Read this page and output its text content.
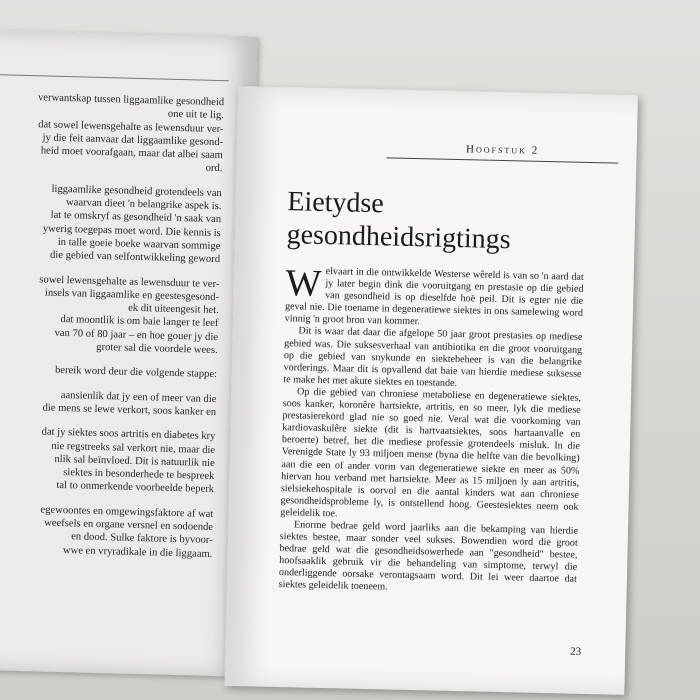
verwantskap tussen liggaamlike gesondheid
one uit te lig.
dat sowel lewensgehalte as lewensduur ver-
jy die feit aanvaar dat liggaamlike gesond-
heid moet voorafgaan, maar dat albei saam
ord.
liggaamlike gesondheid grotendeels van
waarvan dieet 'n belangrike aspek is.
lat te omskryf as gesondheid 'n saak van
ywerig toegepas moet word. Die kennis is
in talle goeie boeke waarvan sommige
die gebied van selfontwikkeling geword
sowel lewensgehalte as lewensduur te ver-
insels van liggaamlike en geestesgesond-
ek dit uiteengesit het.
dat moontlik is om baie langer te leef
van 70 of 80 jaar – en hoe gouer jy die
groter sal die voordele wees.
bereik word deur die volgende stappe:
aansienlik dat jy een of meer van die
die mens se lewe verkort, soos kanker en
dat jy siektes soos artritis en diabetes kry
nie regstreeks sal verkort nie, maar die
nlik sal beïnvloed. Dit is natuurlik nie
siektes in besonderhede te bespreek
tal to onmerkende voorbeelde beperk
egewoontes en omgewingsfaktore af wat
weefsels en organe versnel en sodoende
en dood. Sulke faktore is byvoor-
wwe en vryradikale in die liggaam.
Hoofstuk 2
Eietydse
gesondheidsrigtings

Welvaart in die ontwikkelde Westerse wêreld is van so 'n aard dat jy later begin dink die vooruitgang en prestasie op die gebied van gesondheid is op dieselfde hoë peil. Dit is egter nie die geval nie. Die toename in degeneratiewe siektes in ons samelewing word vinnig 'n groot bron van kommer.

Dit is waar dat daar die afgelope 50 jaar groot prestasies op mediese gebied was. Die suksesverhaal van antibiotika en die groot vooruitgang op die gebied van snykunde en siektebeheer is van die belangrike vorderings. Maar dit is opvallend dat baie van hierdie mediese suksesse te make het met akute siektes en toestande.

Op die gebied van chroniese metaboliese en degeneratiewe siektes, soos kanker, koronêre hartsiekte, artritis, en so meer, lyk die mediese prestasierekord glad nie so goed nie. Veral wat die voorkoming van kardiovaskulêre siekte (dit is hartvaatsiektes, soos hartaanvalle en beroerte) betref, het die mediese professie grotendeels misluk. In die Verenigde State ly 93 miljoen mense (byna die helfte van die bevolking) aan die een of ander vorm van degeneratiewe siekte en meer as 50% hiervan hou verband met hartsiekte. Meer as 15 miljoen ly aan artritis, sielsiekehospitale is oorvol en die aantal kinders wat aan chroniese gesondheidsprobleme ly, is ontstellend hoog. Geestesiektes neem ook geleidelik toe.

Enorme bedrae geld word jaarliks aan die bekamping van hierdie siektes bestee, maar sonder veel sukses. Bowendien word die groot bedrae geld wat die gesondheidsowerhede aan "gesondheid" bestee, hoofsaaklik gebruik vir die behandeling van simptome, terwyl die onderliggende oorsake verontagsaam word. Dit lei weer daartoe dat siektes geleidelik toeneem.

23
